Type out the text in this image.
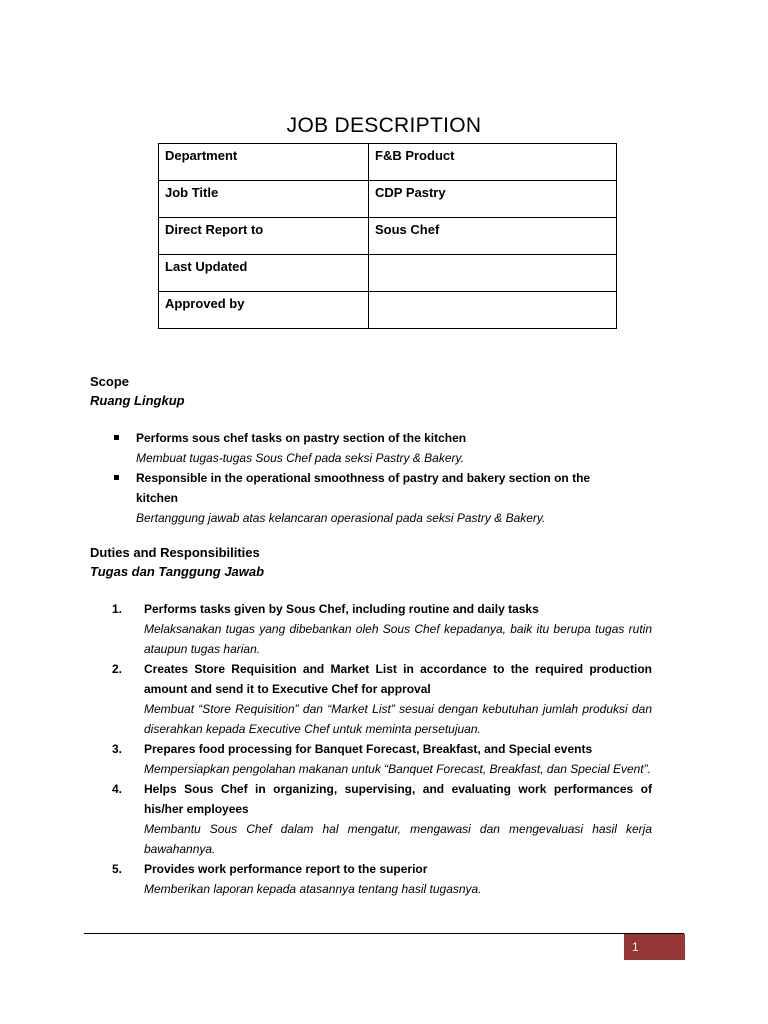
JOB DESCRIPTION
Department	F&B Product
Job Title	CDP Pastry
Direct Report to	Sous Chef
Last Updated	
Approved by	
Scope
Ruang Lingkup
Performs sous chef tasks on pastry section of the kitchen
Membuat tugas-tugas Sous Chef pada seksi Pastry & Bakery.
Responsible in the operational smoothness of pastry and bakery section on the kitchen
Bertanggung jawab atas kelancaran operasional pada seksi Pastry & Bakery.
Duties and Responsibilities
Tugas dan Tanggung Jawab
1. Performs tasks given by Sous Chef, including routine and daily tasks
Melaksanakan tugas yang dibebankan oleh Sous Chef kepadanya, baik itu berupa tugas rutin ataupun tugas harian.
2. Creates Store Requisition and Market List in accordance to the required production amount and send it to Executive Chef for approval
Membuat “Store Requisition” dan “Market List” sesuai dengan kebutuhan jumlah produksi dan diserahkan kepada Executive Chef untuk meminta persetujuan.
3. Prepares food processing for Banquet Forecast, Breakfast, and Special events
Mempersiapkan pengolahan makanan untuk “Banquet Forecast, Breakfast, dan Special Event”.
4. Helps Sous Chef in organizing, supervising, and evaluating work performances of his/her employees
Membantu Sous Chef dalam hal mengatur, mengawasi dan mengevaluasi hasil kerja bawahannya.
5. Provides work performance report to the superior
Memberikan laporan kepada atasannya tentang hasil tugasnya.
1
